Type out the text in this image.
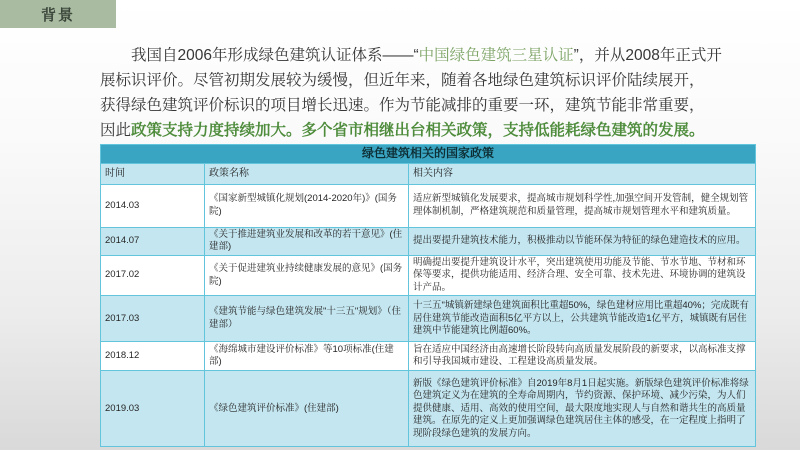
背景
我国自2006年形成绿色建筑认证体系——“中国绿色建筑三星认证”，并从2008年正式开
展标识评价。尽管初期发展较为缓慢，但近年来，随着各地绿色建筑标识评价陆续展开，
获得绿色建筑评价标识的项目增长迅速。作为节能减排的重要一环，建筑节能非常重要，
因此政策支持力度持续加大。多个省市相继出台相关政策，支持低能耗绿色建筑的发展。
绿色建筑相关的国家政策		
时间	政策名称	相关内容
2014.03	《国家新型城镇化规划(2014-2020年)》(国务院)	适应新型城镇化发展要求，提高城市规划科学性,加强空间开发管制，健全规划管理体制机制，严格建筑规范和质量管理，提高城市规划管理水平和建筑质量。
2014.07	《关于推进建筑业发展和改革的若干意见》(住建部)	提出要提升建筑技术能力，积极推动以节能环保为特征的绿色建造技术的应用。
2017.02	《关于促进建筑业持续健康发展的意见》(国务院)	明确提出要提升建筑设计水平，突出建筑使用功能及节能、节水节地、节材和环保等要求，提供功能适用、经济合理、安全可靠、技术先进、环境协调的建筑设计产品。
2017.03	《建筑节能与绿色建筑发展"十三五"规划》（住建部）	十三五"城镇新建绿色建筑面积比重超50%，绿色建材应用比重超40%；完成既有居住建筑节能改造面积5亿平方以上，公共建筑节能改造1亿平方，城镇既有居住建筑中节能建筑比例超60%。
2018.12	《海绵城市建设评价标准》等10项标准(住建部)	旨在适应中国经济由高速增长阶段转向高质量发展阶段的新要求，以高标准支撑和引导我国城市建设、工程建设高质量发展。
2019.03	《绿色建筑评价标准》(住建部)	新版《绿色建筑评价标准》自2019年8月1日起实施。新版绿色建筑评价标准将绿色建筑定义为在建筑的全寿命周期内，节约资源、保护环境、减少污染，为人们提供健康、适用、高效的使用空间，最大限度地实现人与自然和谐共生的高质量建筑。在原先的定义上更加强调绿色建筑居住主体的感受，在一定程度上指明了现阶段绿色建筑的发展方向。
